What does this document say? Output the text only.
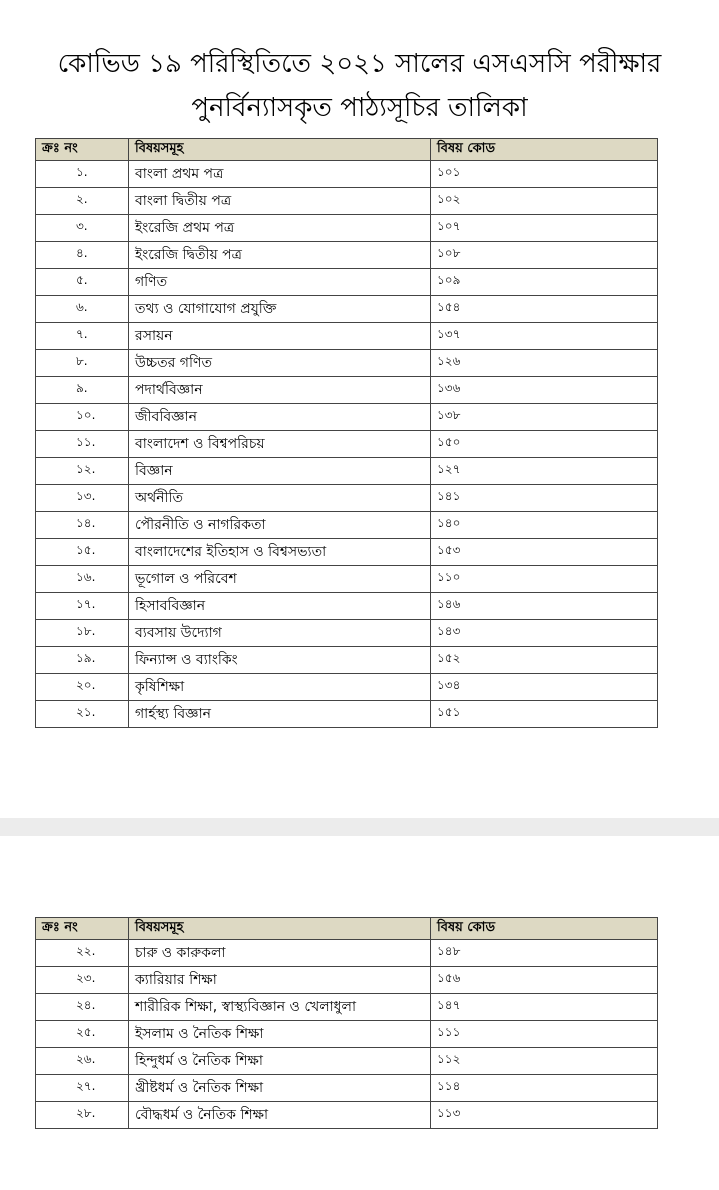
কোভিড ১৯ পরিস্থিতিতে ২০২১ সালের এসএসসি পরীক্ষার
পুনর্বিন্যাসকৃত পাঠ্যসূচির তালিকা
ক্রঃ নং	বিষয়সমূহ	বিষয় কোড
১.	বাংলা প্রথম পত্র	১০১
২.	বাংলা দ্বিতীয় পত্র	১০২
৩.	ইংরেজি প্রথম পত্র	১০৭
৪.	ইংরেজি দ্বিতীয় পত্র	১০৮
৫.	গণিত	১০৯
৬.	তথ্য ও যোগাযোগ প্রযুক্তি	১৫৪
৭.	রসায়ন	১৩৭
৮.	উচ্চতর গণিত	১২৬
৯.	পদার্থবিজ্ঞান	১৩৬
১০.	জীববিজ্ঞান	১৩৮
১১.	বাংলাদেশ ও বিশ্বপরিচয়	১৫০
১২.	বিজ্ঞান	১২৭
১৩.	অর্থনীতি	১৪১
১৪.	পৌরনীতি ও নাগরিকতা	১৪০
১৫.	বাংলাদেশের ইতিহাস ও বিশ্বসভ্যতা	১৫৩
১৬.	ভূগোল ও পরিবেশ	১১০
১৭.	হিসাববিজ্ঞান	১৪৬
১৮.	ব্যবসায় উদ্যোগ	১৪৩
১৯.	ফিন্যান্স ও ব্যাংকিং	১৫২
২০.	কৃষিশিক্ষা	১৩৪
২১.	গার্হস্থ্য বিজ্ঞান	১৫১
ক্রঃ নং	বিষয়সমূহ	বিষয় কোড
২২.	চারু ও কারুকলা	১৪৮
২৩.	ক্যারিয়ার শিক্ষা	১৫৬
২৪.	শারীরিক শিক্ষা, স্বাস্থ্যবিজ্ঞান ও খেলাধুলা	১৪৭
২৫.	ইসলাম ও নৈতিক শিক্ষা	১১১
২৬.	হিন্দুধর্ম ও নৈতিক শিক্ষা	১১২
২৭.	খ্রীষ্টধর্ম ও নৈতিক শিক্ষা	১১৪
২৮.	বৌদ্ধধর্ম ও নৈতিক শিক্ষা	১১৩
